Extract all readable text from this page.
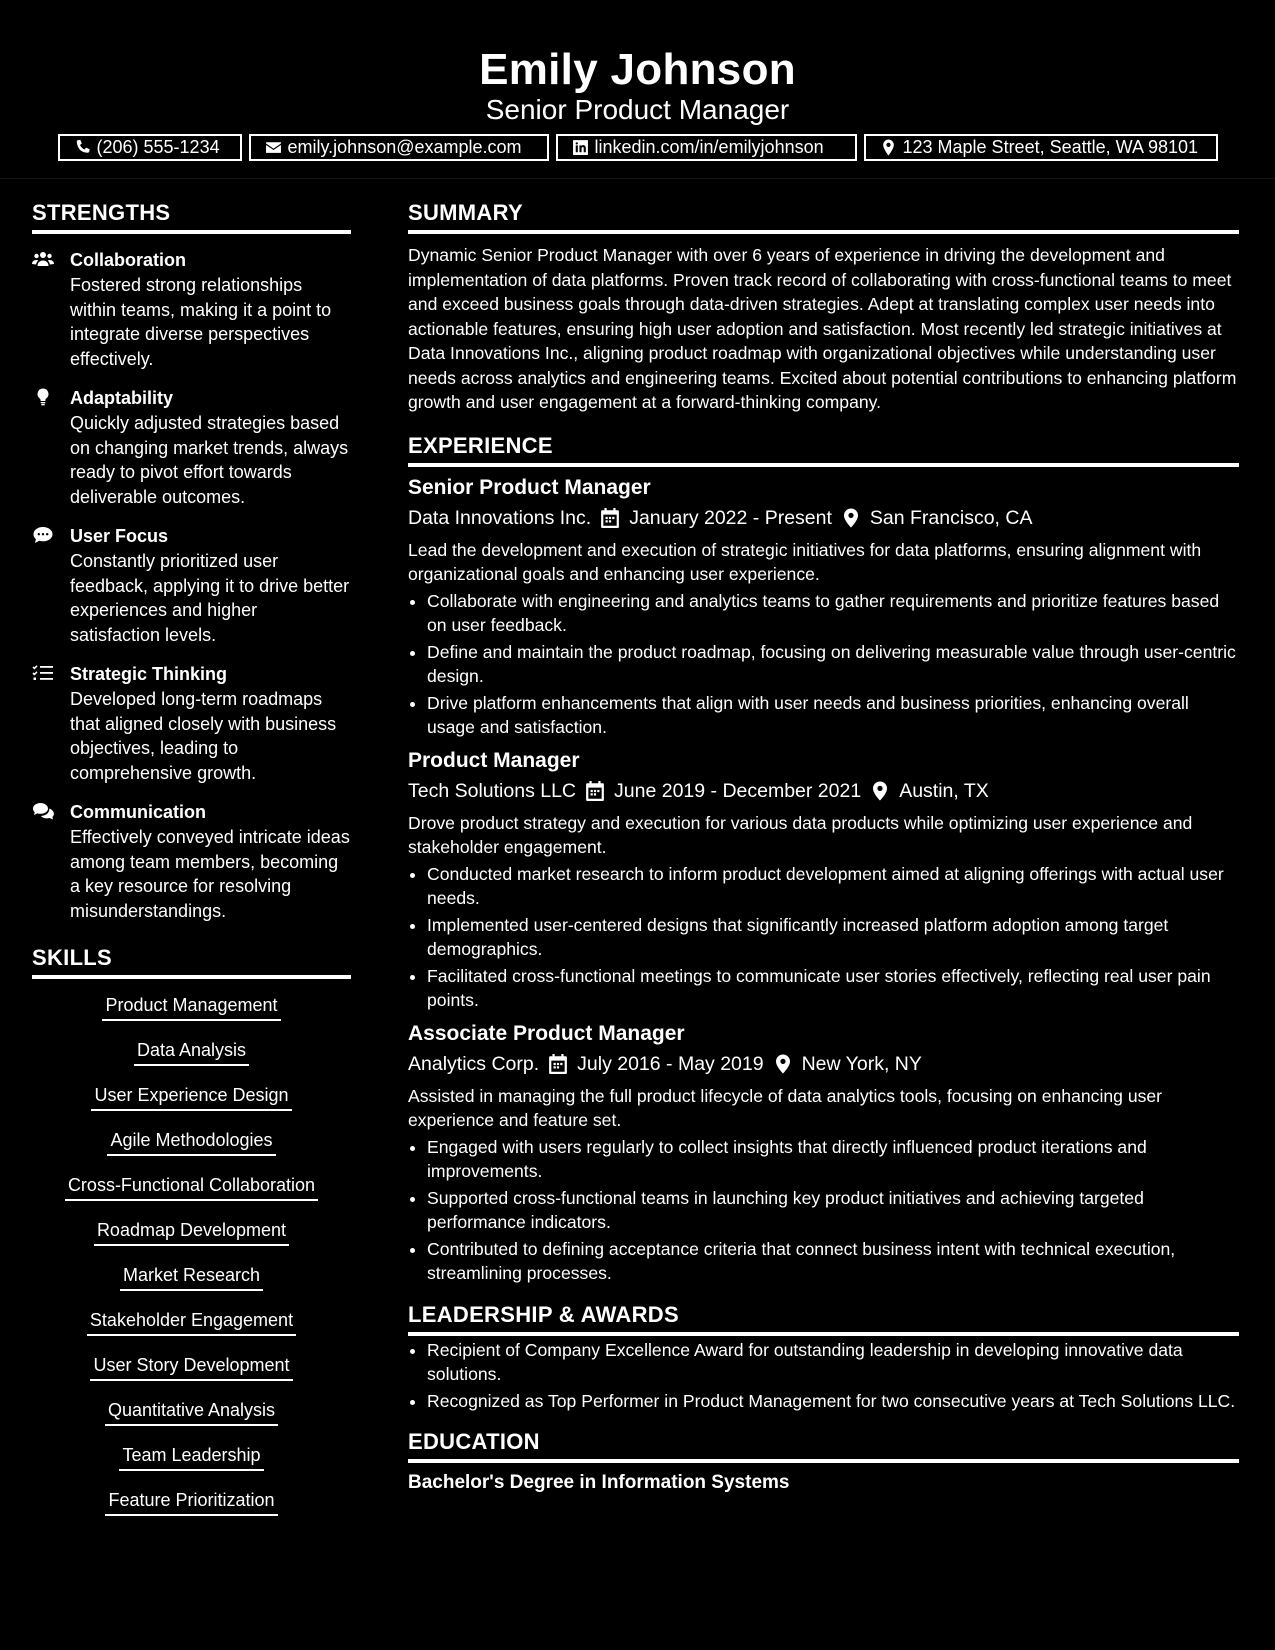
Emily Johnson
Senior Product Manager
(206) 555-1234	emily.johnson@example.com	linkedin.com/in/emilyjohnson	123 Maple Street, Seattle, WA 98101
STRENGTHS
Collaboration
Fostered strong relationships within teams, making it a point to integrate diverse perspectives effectively.
Adaptability
Quickly adjusted strategies based on changing market trends, always ready to pivot effort towards deliverable outcomes.
User Focus
Constantly prioritized user feedback, applying it to drive better experiences and higher satisfaction levels.
Strategic Thinking
Developed long-term roadmaps that aligned closely with business objectives, leading to comprehensive growth.
Communication
Effectively conveyed intricate ideas among team members, becoming a key resource for resolving misunderstandings.
SKILLS
Product Management
Data Analysis
User Experience Design
Agile Methodologies
Cross-Functional Collaboration
Roadmap Development
Market Research
Stakeholder Engagement
User Story Development
Quantitative Analysis
Team Leadership
Feature Prioritization
SUMMARY

Dynamic Senior Product Manager with over 6 years of experience in driving the development and implementation of data platforms. Proven track record of collaborating with cross-functional teams to meet and exceed business goals through data-driven strategies. Adept at translating complex user needs into actionable features, ensuring high user adoption and satisfaction. Most recently led strategic initiatives at Data Innovations Inc., aligning product roadmap with organizational objectives while understanding user needs across analytics and engineering teams. Excited about potential contributions to enhancing platform growth and user engagement at a forward-thinking company.

EXPERIENCE
Senior Product Manager
Data Innovations Inc. January 2022 - Present San Francisco, CA
Lead the development and execution of strategic initiatives for data platforms, ensuring alignment with organizational goals and enhancing user experience.
• Collaborate with engineering and analytics teams to gather requirements and prioritize features based on user feedback.
• Define and maintain the product roadmap, focusing on delivering measurable value through user-centric design.
• Drive platform enhancements that align with user needs and business priorities, enhancing overall usage and satisfaction.
Product Manager
Tech Solutions LLC June 2019 - December 2021 Austin, TX
Drove product strategy and execution for various data products while optimizing user experience and stakeholder engagement.
• Conducted market research to inform product development aimed at aligning offerings with actual user needs.
• Implemented user-centered designs that significantly increased platform adoption among target demographics.
• Facilitated cross-functional meetings to communicate user stories effectively, reflecting real user pain points.
Associate Product Manager
Analytics Corp. July 2016 - May 2019 New York, NY
Assisted in managing the full product lifecycle of data analytics tools, focusing on enhancing user experience and feature set.
• Engaged with users regularly to collect insights that directly influenced product iterations and improvements.
• Supported cross-functional teams in launching key product initiatives and achieving targeted performance indicators.
• Contributed to defining acceptance criteria that connect business intent with technical execution, streamlining processes.
LEADERSHIP & AWARDS
• Recipient of Company Excellence Award for outstanding leadership in developing innovative data solutions.
• Recognized as Top Performer in Product Management for two consecutive years at Tech Solutions LLC.
EDUCATION
Bachelor's Degree in Information Systems
